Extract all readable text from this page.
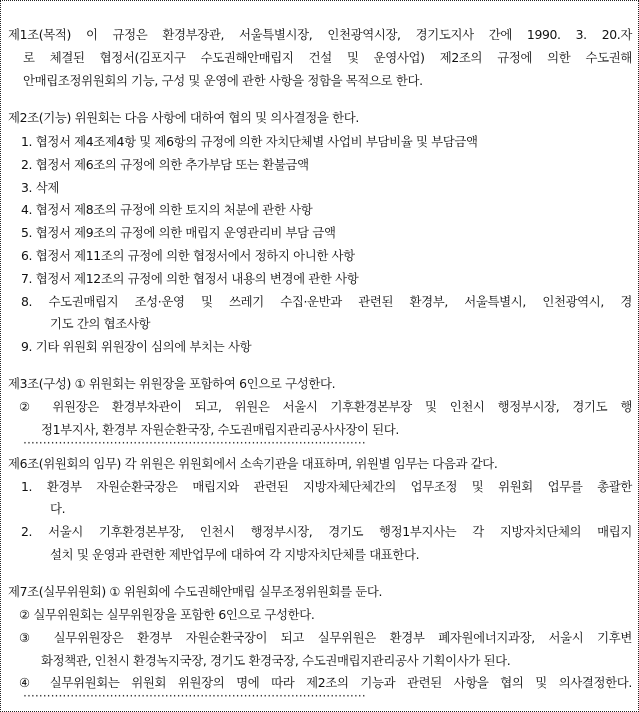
제1조(목적) 이 규정은 환경부장관, 서울특별시장, 인천광역시장, 경기도지사 간에 1990. 3. 20.자
로 체결된 협정서(김포지구 수도권해안매립지 건설 및 운영사업) 제2조의 규정에 의한 수도권해
안매립조정위원회의 기능, 구성 및 운영에 관한 사항을 정함을 목적으로 한다.
제2조(기능) 위원회는 다음 사항에 대하여 협의 및 의사결정을 한다.
1. 협정서 제4조제4항 및 제6항의 규정에 의한 자치단체별 사업비 부담비율 및 부담금액
2. 협정서 제6조의 규정에 의한 추가부담 또는 환불금액
3. 삭제
4. 협정서 제8조의 규정에 의한 토지의 처분에 관한 사항
5. 협정서 제9조의 규정에 의한 매립지 운영관리비 부담 금액
6. 협정서 제11조의 규정에 의한 협정서에서 정하지 아니한 사항
7. 협정서 제12조의 규정에 의한 협정서 내용의 변경에 관한 사항
8. 수도권매립지 조성·운영 및 쓰레기 수집·운반과 관련된 환경부, 서울특별시, 인천광역시, 경
기도 간의 협조사항
9. 기타 위원회 위원장이 심의에 부치는 사항
제3조(구성) ① 위원회는 위원장을 포함하여 6인으로 구성한다.
② 위원장은 환경부차관이 되고, 위원은 서울시 기후환경본부장 및 인천시 행정부시장, 경기도 행
정1부지사, 환경부 자원순환국장, 수도권매립지관리공사사장이 된다.
·······················································································
제6조(위원회의 임무) 각 위원은 위원회에서 소속기관을 대표하며, 위원별 임무는 다음과 같다.
1. 환경부 자원순환국장은 매립지와 관련된 지방자체단체간의 업무조정 및 위원회 업무를 총괄한
다.
2. 서울시 기후환경본부장, 인천시 행정부시장, 경기도 행정1부지사는 각 지방자치단체의 매립지
설치 및 운영과 관련한 제반업무에 대하여 각 지방자치단체를 대표한다.
제7조(실무위원회) ① 위원회에 수도권해안매립 실무조정위원회를 둔다.
② 실무위원회는 실무위원장을 포함한 6인으로 구성한다.
③ 실무위원장은 환경부 자원순환국장이 되고 실무위원은 환경부 폐자원에너지과장, 서울시 기후변
화정책관, 인천시 환경녹지국장, 경기도 환경국장, 수도권매립지관리공사 기획이사가 된다.
④ 실무위원회는 위원회 위원장의 명에 따라 제2조의 기능과 관련된 사항을 협의 및 의사결정한다.
·······················································································
